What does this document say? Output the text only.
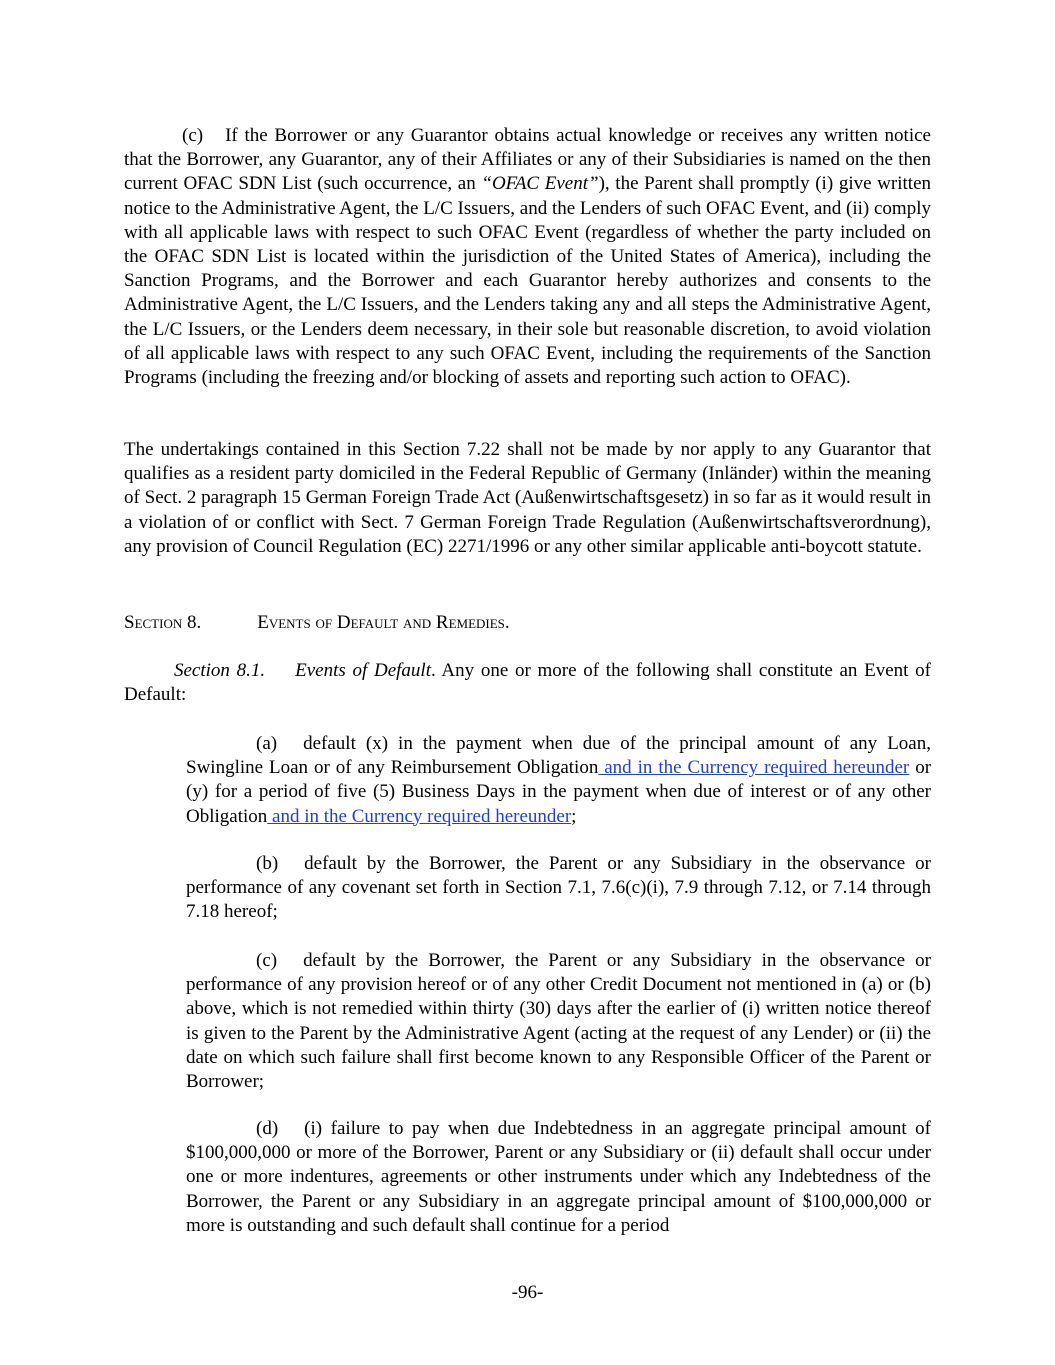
(c) If the Borrower or any Guarantor obtains actual knowledge or receives any written notice that the Borrower, any Guarantor, any of their Affiliates or any of their Subsidiaries is named on the then current OFAC SDN List (such occurrence, an “OFAC Event”), the Parent shall promptly (i) give written notice to the Administrative Agent, the L/C Issuers, and the Lenders of such OFAC Event, and (ii) comply with all applicable laws with respect to such OFAC Event (regardless of whether the party included on the OFAC SDN List is located within the jurisdiction of the United States of America), including the Sanction Programs, and the Borrower and each Guarantor hereby authorizes and consents to the Administrative Agent, the L/C Issuers, and the Lenders taking any and all steps the Administrative Agent, the L/C Issuers, or the Lenders deem necessary, in their sole but reasonable discretion, to avoid violation of all applicable laws with respect to any such OFAC Event, including the requirements of the Sanction Programs (including the freezing and/or blocking of assets and reporting such action to OFAC).

The undertakings contained in this Section 7.22 shall not be made by nor apply to any Guarantor that qualifies as a resident party domiciled in the Federal Republic of Germany (Inländer) within the meaning of Sect. 2 paragraph 15 German Foreign Trade Act (Außenwirtschaftsgesetz) in so far as it would result in a violation of or conflict with Sect. 7 German Foreign Trade Regulation (Außenwirtschaftsverordnung), any provision of Council Regulation (EC) 2271/1996 or any other similar applicable anti-boycott statute.

Section 8.	Events of Default and Remedies.

Section 8.1. Events of Default. Any one or more of the following shall constitute an Event of Default:

(a) default (x) in the payment when due of the principal amount of any Loan, Swingline Loan or of any Reimbursement Obligation and in the Currency required hereunder or (y) for a period of five (5) Business Days in the payment when due of interest or of any other Obligation and in the Currency required hereunder;

(b) default by the Borrower, the Parent or any Subsidiary in the observance or performance of any covenant set forth in Section 7.1, 7.6(c)(i), 7.9 through 7.12, or 7.14 through 7.18 hereof;

(c) default by the Borrower, the Parent or any Subsidiary in the observance or performance of any provision hereof or of any other Credit Document not mentioned in (a) or (b) above, which is not remedied within thirty (30) days after the earlier of (i) written notice thereof is given to the Parent by the Administrative Agent (acting at the request of any Lender) or (ii) the date on which such failure shall first become known to any Responsible Officer of the Parent or Borrower;

(d) (i) failure to pay when due Indebtedness in an aggregate principal amount of $100,000,000 or more of the Borrower, Parent or any Subsidiary or (ii) default shall occur under one or more indentures, agreements or other instruments under which any Indebtedness of the Borrower, the Parent or any Subsidiary in an aggregate principal amount of $100,000,000 or more is outstanding and such default shall continue for a period

-96-
